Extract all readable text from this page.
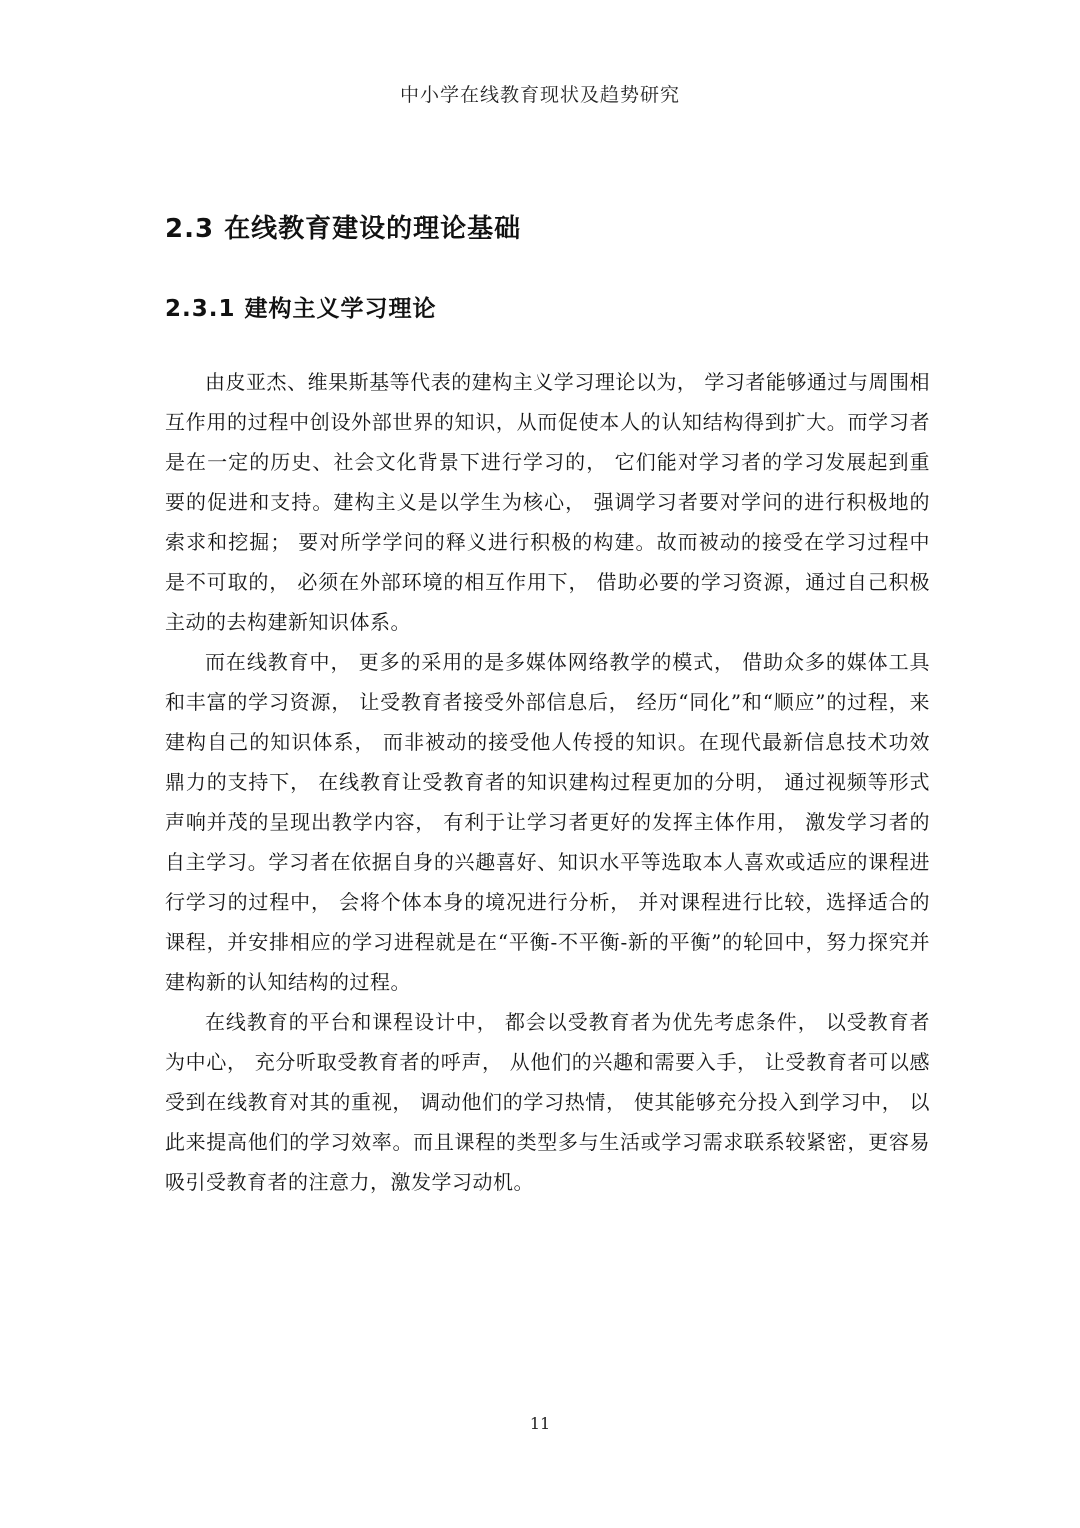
中小学在线教育现状及趋势研究
2.3 在线教育建设的理论基础
2.3.1 建构主义学习理论

由皮亚杰、维果斯基等代表的建构主义学习理论以为， 学习者能够通过与周围相互作用的过程中创设外部世界的知识，从而促使本人的认知结构得到扩大。而学习者是在一定的历史、社会文化背景下进行学习的， 它们能对学习者的学习发展起到重要的促进和支持。建构主义是以学生为核心， 强调学习者要对学问的进行积极地的索求和挖掘； 要对所学学问的释义进行积极的构建。故而被动的接受在学习过程中是不可取的， 必须在外部环境的相互作用下， 借助必要的学习资源，通过自己积极主动的去构建新知识体系。

而在线教育中， 更多的采用的是多媒体网络教学的模式， 借助众多的媒体工具和丰富的学习资源， 让受教育者接受外部信息后， 经历“同化”和“顺应”的过程，来建构自己的知识体系， 而非被动的接受他人传授的知识。在现代最新信息技术功效鼎力的支持下， 在线教育让受教育者的知识建构过程更加的分明， 通过视频等形式声响并茂的呈现出教学内容， 有利于让学习者更好的发挥主体作用， 激发学习者的自主学习。学习者在依据自身的兴趣喜好、知识水平等选取本人喜欢或适应的课程进行学习的过程中， 会将个体本身的境况进行分析， 并对课程进行比较，选择适合的课程，并安排相应的学习进程就是在“平衡-不平衡-新的平衡”的轮回中，努力探究并建构新的认知结构的过程。

在线教育的平台和课程设计中， 都会以受教育者为优先考虑条件， 以受教育者为中心， 充分听取受教育者的呼声， 从他们的兴趣和需要入手， 让受教育者可以感受到在线教育对其的重视， 调动他们的学习热情， 使其能够充分投入到学习中， 以此来提高他们的学习效率。而且课程的类型多与生活或学习需求联系较紧密，更容易吸引受教育者的注意力，激发学习动机。

11
